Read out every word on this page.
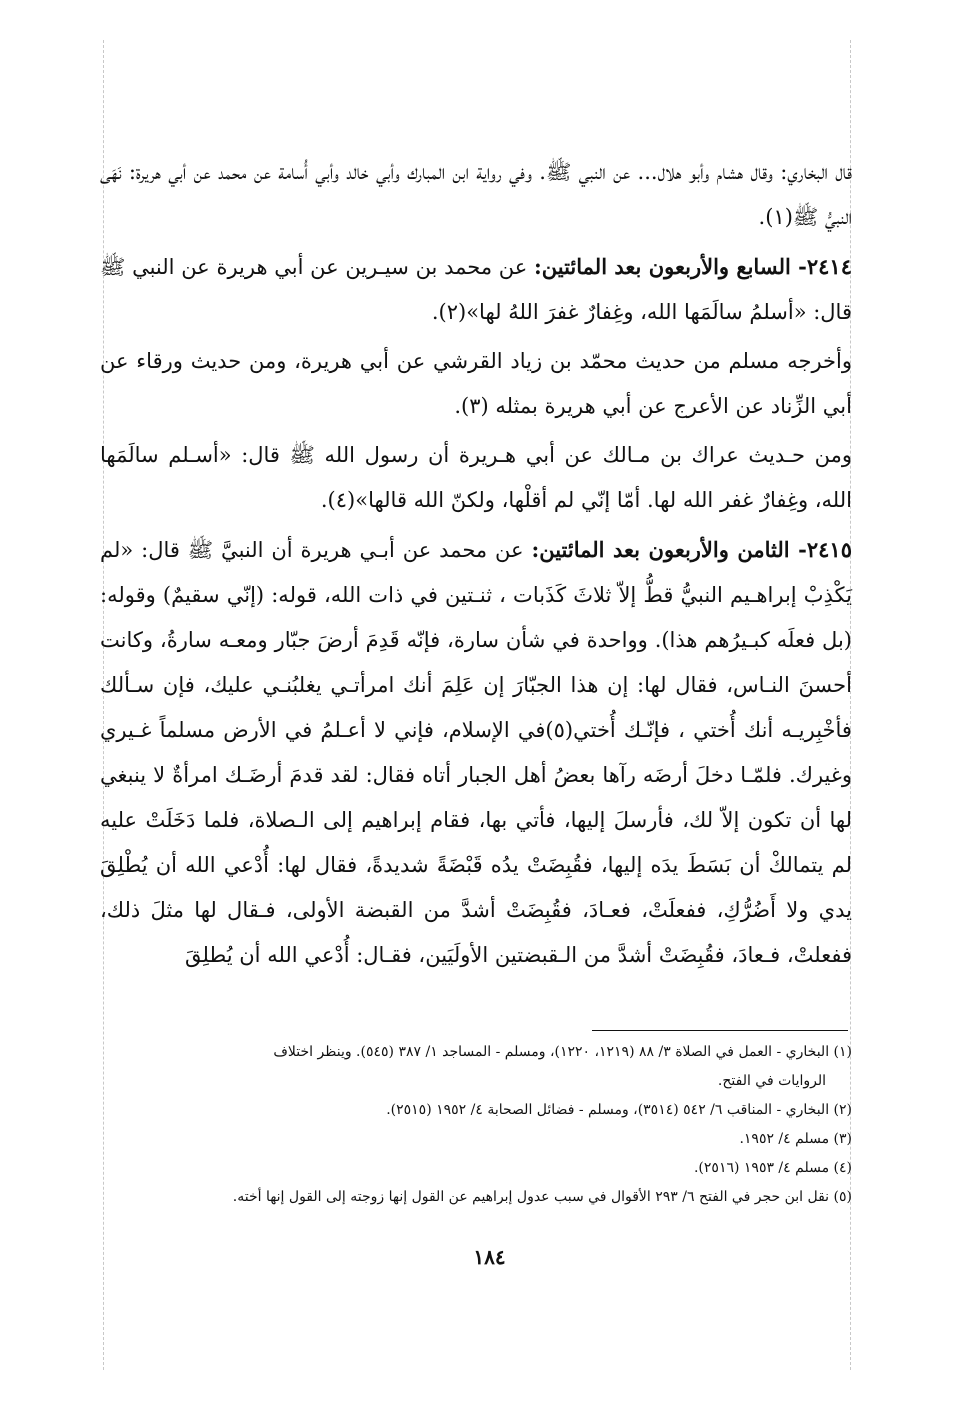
قال البخاري: وقال هشام وأبو هلال... عن النبي ﷺ. وفي رواية ابن المبارك وأبي خالد وأبي أُسامة عن محمد عن أبي هريرة: نَهَى النبيُّ ﷺ(١).

٢٤١٤- السابع والأربعون بعد المائتين: عن محمد بن سيـرين عن أبي هريرة عن النبي ﷺ قال: «أسلمُ سالَمَها الله، وغِفارٌ غفرَ اللهُ لها»(٢).

وأخرجه مسلم من حديث محمّد بن زياد القرشي عن أبي هريرة، ومن حديث ورقاء عن أبي الزِّناد عن الأعرج عن أبي هريرة بمثله (٣).

ومن حـديث عراك بن مـالك عن أبي هـريرة أن رسول الله ﷺ قال: «أسـلم سالَمَها الله، وغِفارٌ غفر الله لها. أمّا إنّي لم أقلْها، ولكنّ الله قالها»(٤).

٢٤١٥- الثامن والأربعون بعد المائتين: عن محمد عن أبـي هريرة أن النبيَّ ﷺ قال: «لم يَكْذِبْ إبراهـيم النبيُّ قطُّ إلاّ ثلاثَ كَذَبات ، ثنـتين في ذات الله، قوله: (إنّي سقيمٌ) وقوله: (بل فعلَه كبـيرُهم هذا). وواحدة في شأن سارة، فإنّه قَدِمَ أرضَ جبّار ومعـه سارةُ، وكانت أحسنَ النـاس، فقال لها: إن هذا الجبّارَ إن عَلِمَ أنك امرأتـي يغلبُنـي عليك، فإن سـألك فأخْبِريـه أنك أُختي ، فإنّـك أُختي(٥)في الإسلام، فإني لا أعـلمُ في الأرض مسلماً غـيري وغيرك. فلمّـا دخلَ أرضَه رآها بعضُ أهل الجبار أتاه فقال: لقد قدمَ أرضَـك امرأةٌ لا ينبغي لها أن تكون إلاّ لك، فأرسلَ إليها، فأتي بها، فقام إبراهيم إلى الـصلاة، فلما دَخَلَتْ عليه لم يتمالكْ أن بَسَطَ يدَه إليها، فقُبِضَتْ يدُه قَبْضَةً شديدةً، فقال لها: أُدْعي الله أن يُطْلِقَ يدي ولا أَضُرُّكِ، ففعلَتْ، فعـادَ، فقُبِضَتْ أشدَّ من القبضة الأولى، فـقال لها مثلَ ذلك، ففعلتْ، فـعادَ، فقُبِضَتْ أشدَّ من الـقبضتين الأولَيَين، فقـال: أُدْعي الله أن يُطلِقَ

(١) البخاري - العمل في الصلاة ٣/ ٨٨ (١٢١٩، ١٢٢٠)، ومسلم - المساجد ١/ ٣٨٧ (٥٤٥). وينظر اختلاف

الروايات في الفتح.

(٢) البخاري - المناقب ٦/ ٥٤٢ (٣٥١٤)، ومسلم - فضائل الصحابة ٤/ ١٩٥٢ (٢٥١٥).

(٣) مسلم ٤/ ١٩٥٢.

(٤) مسلم ٤/ ١٩٥٣ (٢٥١٦).

(٥) نقل ابن حجر في الفتح ٦/ ٢٩٣ الأقوال في سبب عدول إبراهيم عن القول إنها زوجته إلى القول إنها أخته.

١٨٤
